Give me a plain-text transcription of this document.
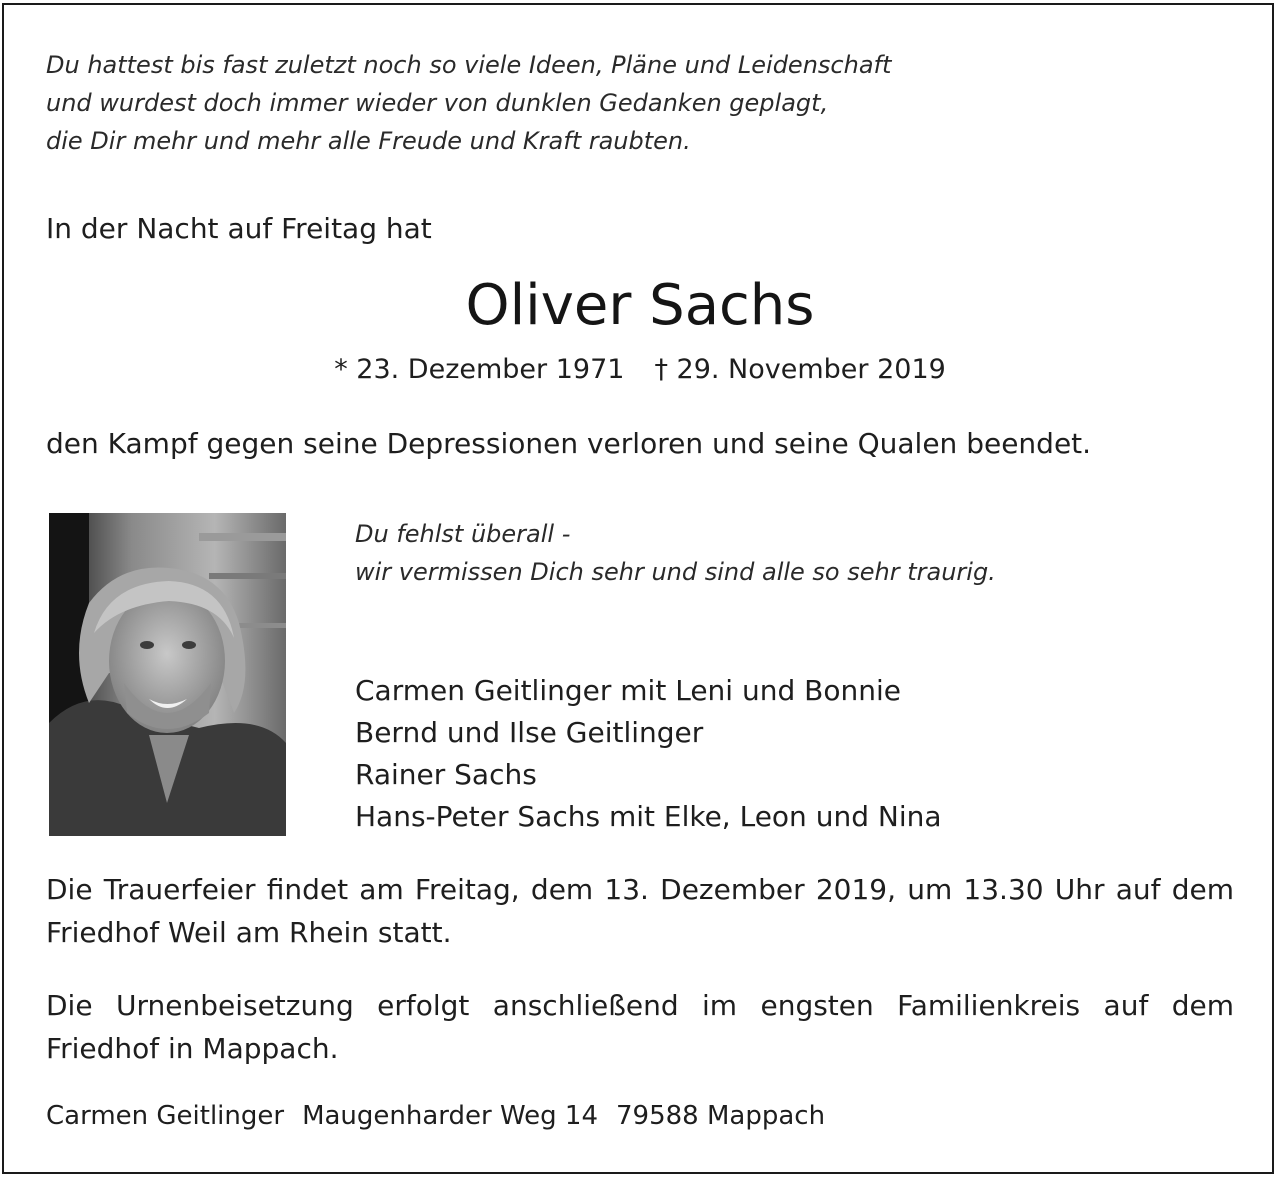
Du hattest bis fast zuletzt noch so viele Ideen, Pläne und Leidenschaft
und wurdest doch immer wieder von dunklen Gedanken geplagt,
die Dir mehr und mehr alle Freude und Kraft raubten.

In der Nacht auf Freitag hat

Oliver Sachs

* 23. Dezember 1971 † 29. November 2019

den Kampf gegen seine Depressionen verloren und seine Qualen beendet.

Du fehlst überall -
wir vermissen Dich sehr und sind alle so sehr traurig.

Carmen Geitlinger mit Leni und Bonnie
Bernd und Ilse Geitlinger
Rainer Sachs
Hans-Peter Sachs mit Elke, Leon und Nina

Die Trauerfeier findet am Freitag, dem 13. Dezember 2019, um 13.30 Uhr auf dem Friedhof Weil am Rhein statt.

Die Urnenbeisetzung erfolgt anschließend im engsten Familienkreis auf dem Friedhof in Mappach.

Carmen Geitlinger Maugenharder Weg 14 79588 Mappach
